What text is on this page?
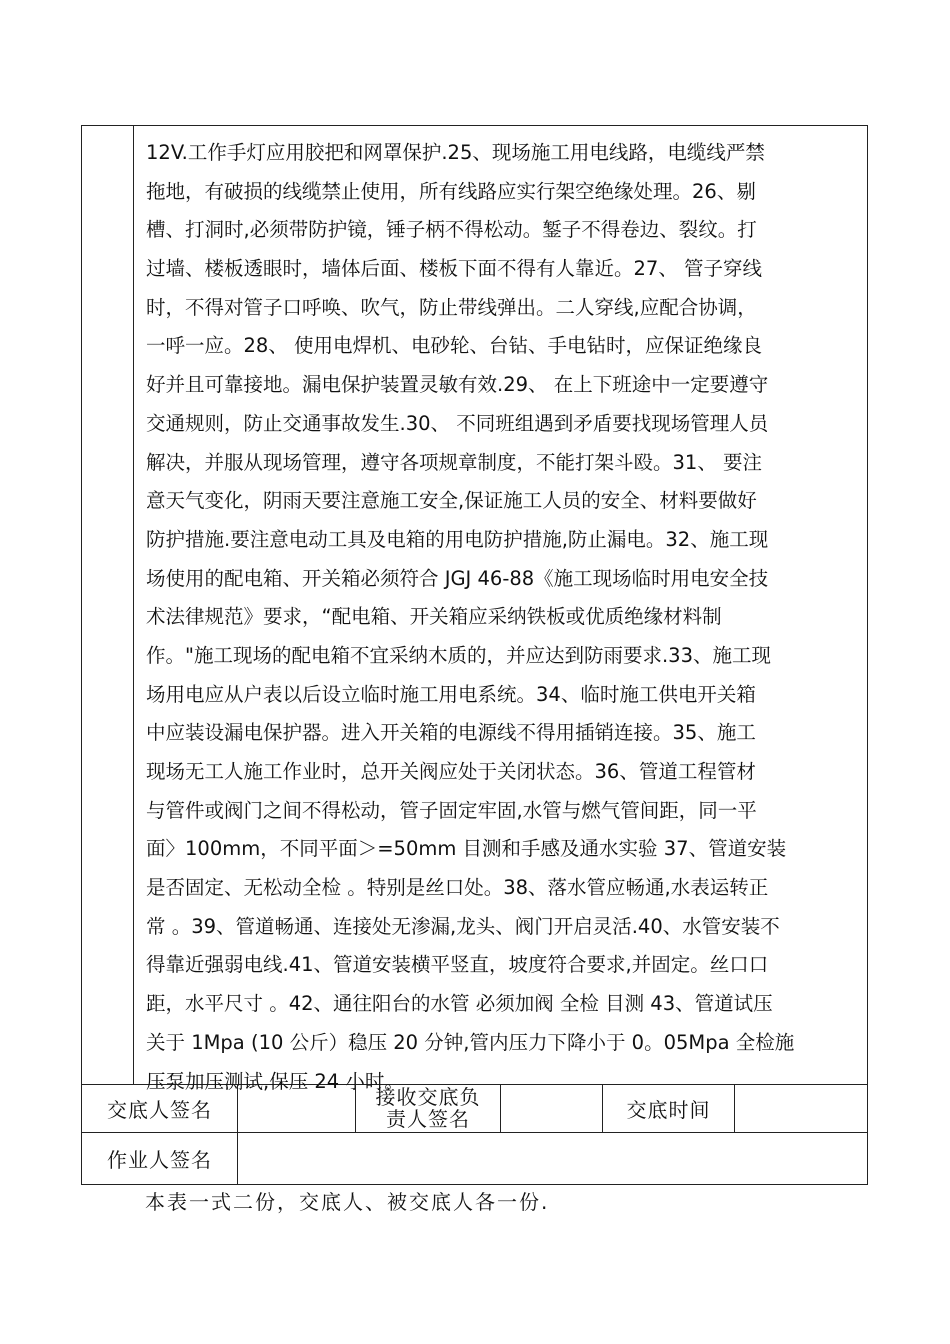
12V.工作手灯应用胶把和网罩保护.25、现场施工用电线路，电缆线严禁
拖地，有破损的线缆禁止使用，所有线路应实行架空绝缘处理。26、剔
槽、打洞时,必须带防护镜，锤子柄不得松动。錾子不得卷边、裂纹。打
过墙、楼板透眼时，墙体后面、楼板下面不得有人靠近。27、 管子穿线
时，不得对管子口呼唤、吹气，防止带线弹出。二人穿线,应配合协调，
一呼一应。28、 使用电焊机、电砂轮、台钻、手电钻时，应保证绝缘良
好并且可靠接地。漏电保护装置灵敏有效.29、 在上下班途中一定要遵守
交通规则，防止交通事故发生.30、 不同班组遇到矛盾要找现场管理人员
解决，并服从现场管理，遵守各项规章制度，不能打架斗殴。31、 要注
意天气变化，阴雨天要注意施工安全,保证施工人员的安全、材料要做好
防护措施.要注意电动工具及电箱的用电防护措施,防止漏电。32、施工现
场使用的配电箱、开关箱必须符合 JGJ 46-88《施工现场临时用电安全技
术法律规范》要求，“配电箱、开关箱应采纳铁板或优质绝缘材料制
作。"施工现场的配电箱不宜采纳木质的，并应达到防雨要求.33、施工现
场用电应从户表以后设立临时施工用电系统。34、临时施工供电开关箱
中应装设漏电保护器。进入开关箱的电源线不得用插销连接。35、施工
现场无工人施工作业时，总开关阀应处于关闭状态。36、管道工程管材
与管件或阀门之间不得松动，管子固定牢固,水管与燃气管间距，同一平
面〉100mm，不同平面＞=50mm 目测和手感及通水实验 37、管道安装
是否固定、无松动全检 。特别是丝口处。38、落水管应畅通,水表运转正
常 。39、管道畅通、连接处无渗漏,龙头、阀门开启灵活.40、水管安装不
得靠近强弱电线.41、管道安装横平竖直，坡度符合要求,并固定。丝口口
距，水平尺寸 。42、通往阳台的水管 必须加阀 全检 目测 43、管道试压
关于 1Mpa (10 公斤）稳压 20 分钟,管内压力下降小于 0。05Mpa 全检施
压泵加压测试,保压 24 小时。
交底人签名
接收交底负
责人签名	交底时间
作业人签名
本表一式二份，交底人、被交底人各一份.
